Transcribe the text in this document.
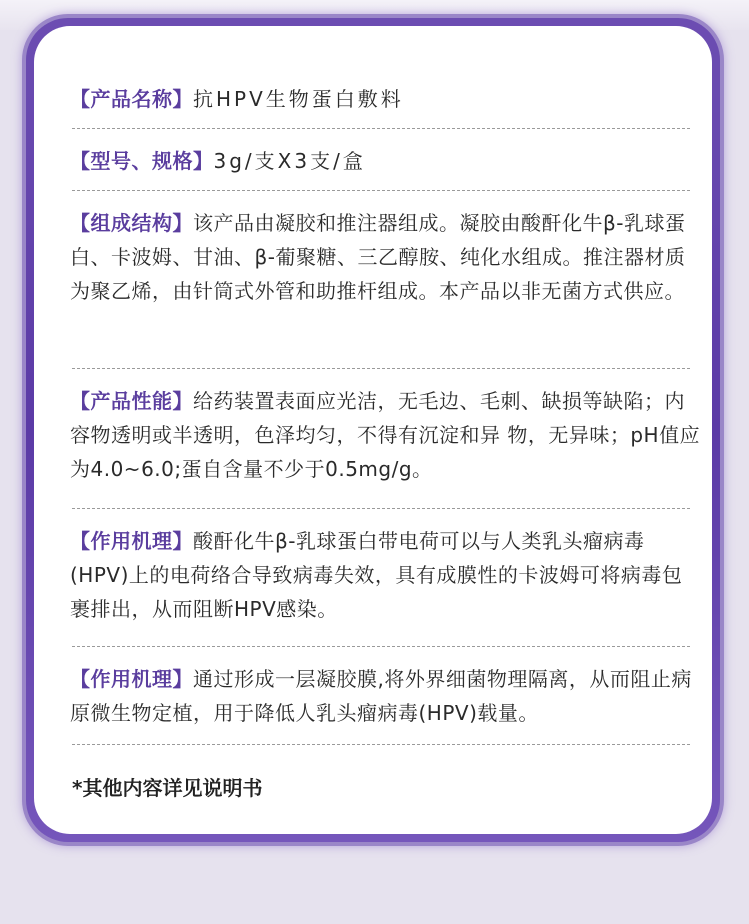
【产品名称】抗HPV生物蛋白敷料
【型号、规格】3g/支X3支/盒
【组成结构】该产品由凝胶和推注器组成。凝胶由酸酐化牛β-乳球蛋白、卡波姆、甘油、β-葡聚糖、三乙醇胺、纯化水组成。推注器材质为聚乙烯，由针筒式外管和助推杆组成。本产品以非无菌方式供应。
【产品性能】给药装置表面应光洁，无毛边、毛刺、缺损等缺陷；内容物透明或半透明，色泽均匀，不得有沉淀和异 物，无异味；pH值应为4.0~6.0;蛋自含量不少于0.5mg/g。
【作用机理】酸酐化牛β-乳球蛋白带电荷可以与人类乳头瘤病毒(HPV)上的电荷络合导致病毒失效，具有成膜性的卡波姆可将病毒包裹排出，从而阻断HPV感染。
【作用机理】通过形成一层凝胶膜,将外界细菌物理隔离，从而阻止病原微生物定植，用于降低人乳头瘤病毒(HPV)载量。
*其他内容详见说明书
